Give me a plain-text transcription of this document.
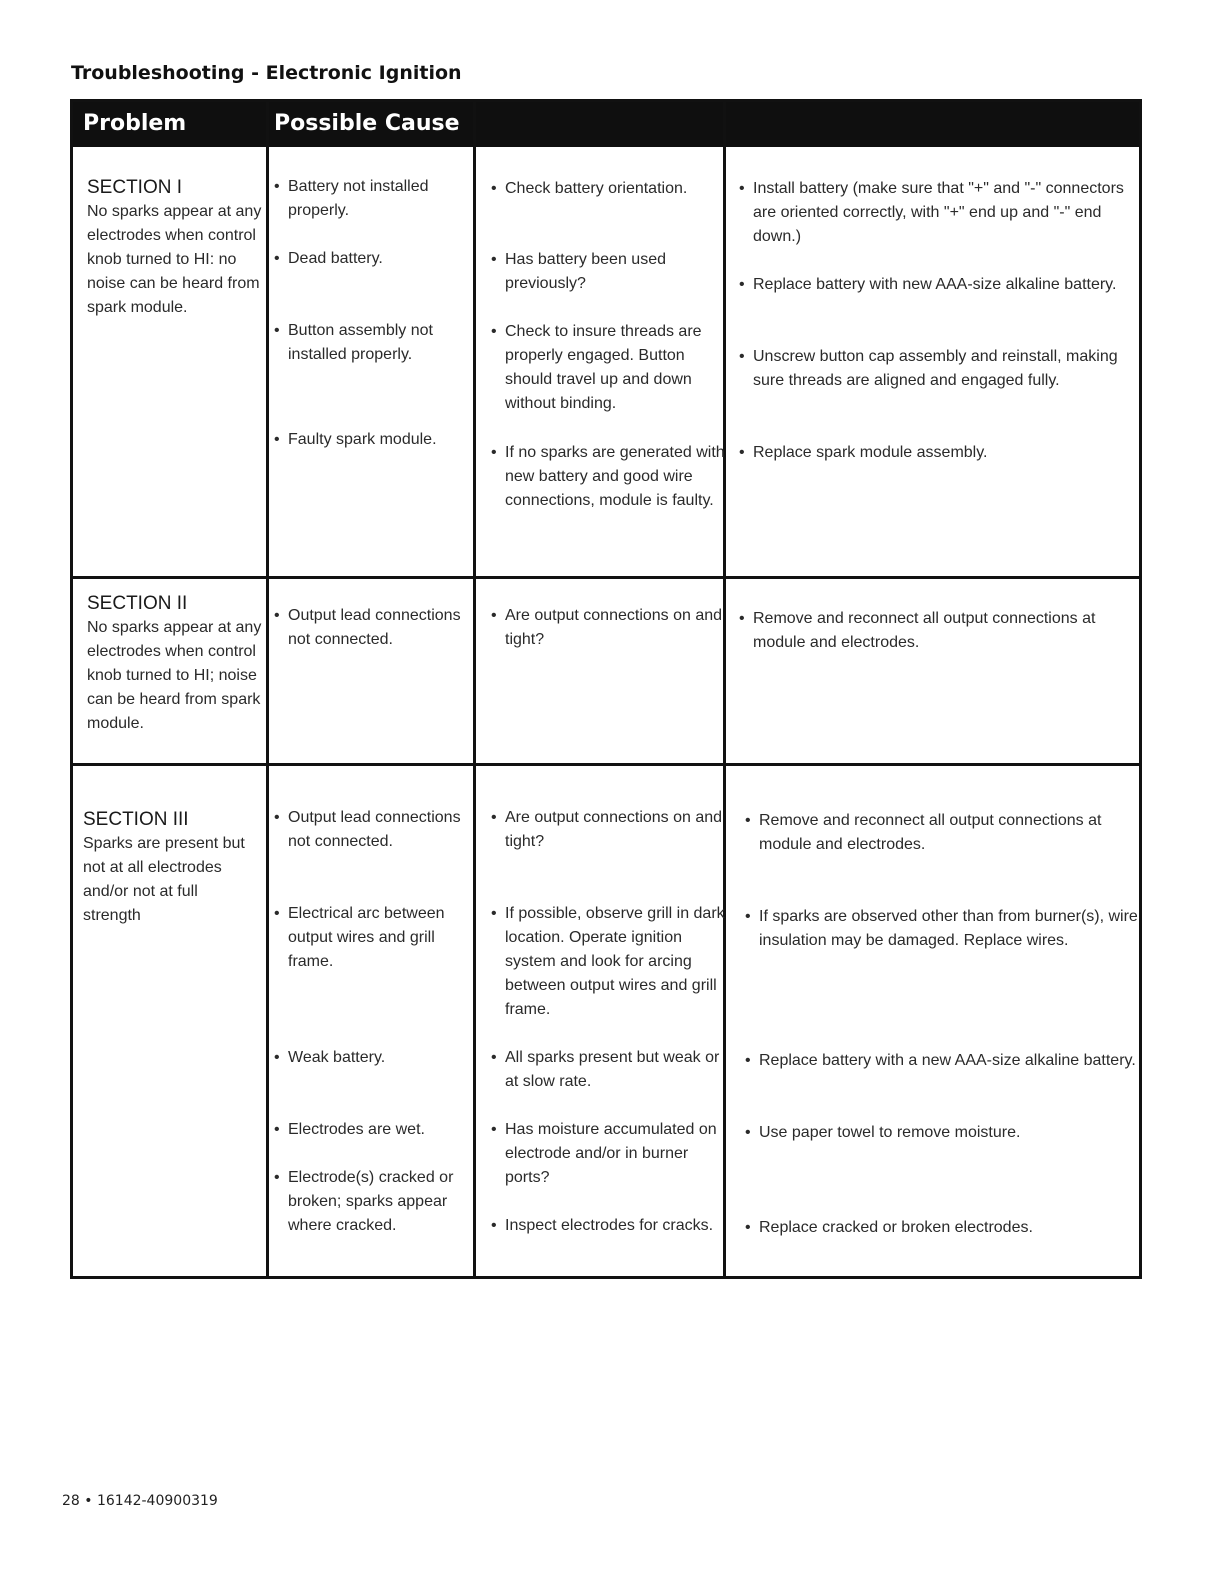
Troubleshooting - Electronic Ignition
Problem	Possible Cause
SECTION I
No sparks appear at any electrodes when control knob turned to HI: no noise can be heard from spark module.

• Battery not installed properly.

• Dead battery.

• Button assembly not installed properly.

• Faulty spark module.

• Check battery orientation.

• Has battery been used previously?

• Check to insure threads are properly engaged. Button should travel up and down without binding.

• If no sparks are generated with new battery and good wire connections, module is faulty.

• Install battery (make sure that "+" and "-" connectors are oriented correctly, with "+" end up and "-" end down.)

• Replace battery with new AAA-size alkaline battery.

• Unscrew button cap assembly and reinstall, making sure threads are aligned and engaged fully.

• Replace spark module assembly.

SECTION II
No sparks appear at any electrodes when control knob turned to HI; noise can be heard from spark module.

• Output lead connections not connected.

• Are output connections on and tight?

• Remove and reconnect all output connections at module and electrodes.

SECTION III
Sparks are present but not at all electrodes and/or not at full strength

• Output lead connections not connected.

• Electrical arc between output wires and grill frame.

• Weak battery.

• Electrodes are wet.

• Electrode(s) cracked or broken; sparks appear where cracked.

• Are output connections on and tight?

• If possible, observe grill in dark location. Operate ignition system and look for arcing between output wires and grill frame.

• All sparks present but weak or at slow rate.

• Has moisture accumulated on electrode and/or in burner ports?

• Inspect electrodes for cracks.

• Remove and reconnect all output connections at module and electrodes.

• If sparks are observed other than from burner(s), wire insulation may be damaged. Replace wires.

• Replace battery with a new AAA-size alkaline battery.

• Use paper towel to remove moisture.

• Replace cracked or broken electrodes.

28 • 16142-40900319
